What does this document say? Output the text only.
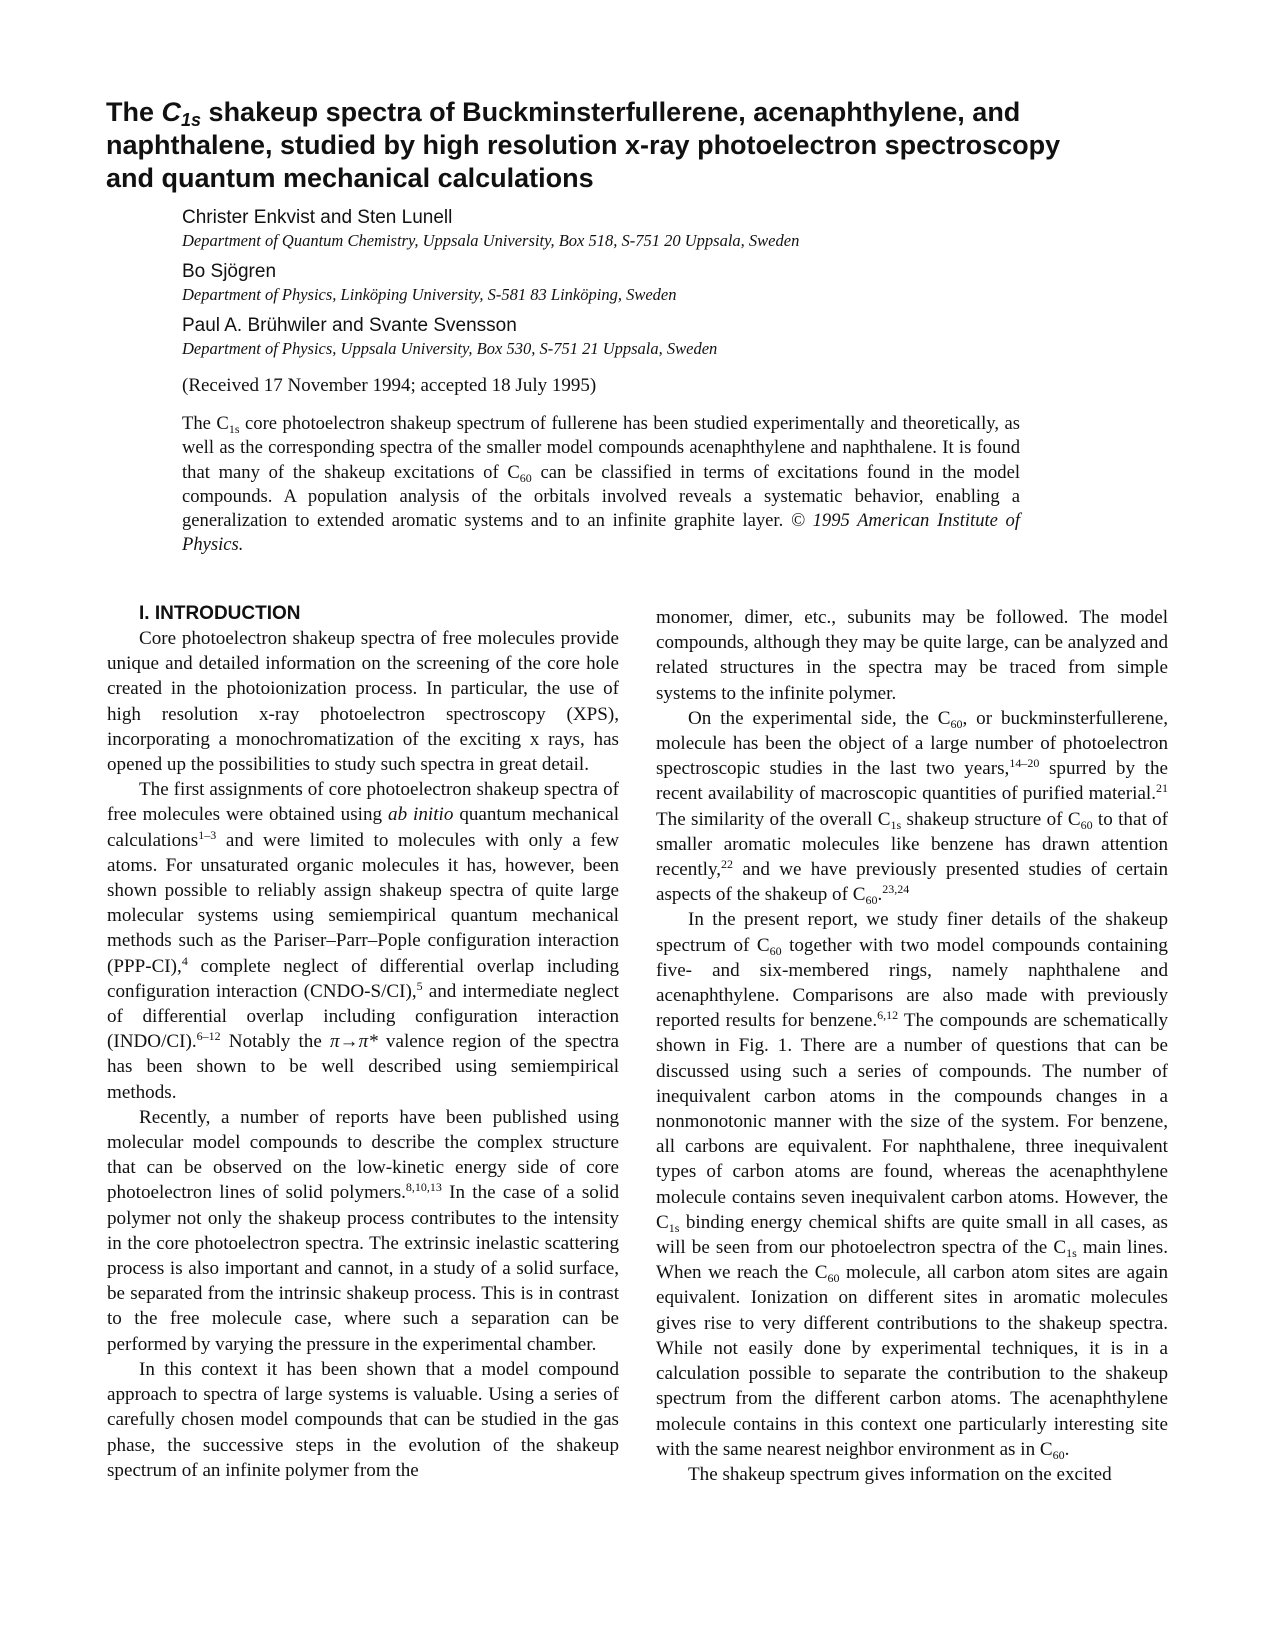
The $C_{1s}$ shakeup spectra of Buckminsterfullerene, acenaphthylene, and naphthalene, studied by high resolution x-ray photoelectron spectroscopy and quantum mechanical calculations

Christer Enkvist and Sten Lunell

Department of Quantum Chemistry, Uppsala University, Box 518, S-751 20 Uppsala, Sweden

Bo Sjögren

Department of Physics, Linköping University, S-581 83 Linköping, Sweden

Paul A. Brühwiler and Svante Svensson

Department of Physics, Uppsala University, Box 530, S-751 21 Uppsala, Sweden

(Received 17 November 1994; accepted 18 July 1995)

The $C_{1s}$ core photoelectron shakeup spectrum of fullerene has been studied experimentally and theoretically, as well as the corresponding spectra of the smaller model compounds acenaphthylene and naphthalene. It is found that many of the shakeup excitations of $C_{60}$ can be classified in terms of excitations found in the model compounds. A population analysis of the orbitals involved reveals a systematic behavior, enabling a generalization to extended aromatic systems and to an infinite graphite layer. © 1995 American Institute of Physics.

I. INTRODUCTION

Core photoelectron shakeup spectra of free molecules provide unique and detailed information on the screening of the core hole created in the photoionization process. In particular, the use of high resolution x-ray photoelectron spectroscopy (XPS), incorporating a monochromatization of the exciting x rays, has opened up the possibilities to study such spectra in great detail.

The first assignments of core photoelectron shakeup spectra of free molecules were obtained using ab initio quantum mechanical calculations$^{1-3}$ and were limited to molecules with only a few atoms. For unsaturated organic molecules it has, however, been shown possible to reliably assign shakeup spectra of quite large molecular systems using semiempirical quantum mechanical methods such as the Pariser–Parr–Pople configuration interaction (PPP-CI),$^4$ complete neglect of differential overlap including configuration interaction (CNDO-S/CI),$^5$ and intermediate neglect of differential overlap including configuration interaction (INDO/CI).$^{6-12}$ Notably the π→π* valence region of the spectra has been shown to be well described using semiempirical methods.

Recently, a number of reports have been published using molecular model compounds to describe the complex structure that can be observed on the low-kinetic energy side of core photoelectron lines of solid polymers.$^{8,10,13}$ In the case of a solid polymer not only the shakeup process contributes to the intensity in the core photoelectron spectra. The extrinsic inelastic scattering process is also important and cannot, in a study of a solid surface, be separated from the intrinsic shakeup process. This is in contrast to the free molecule case, where such a separation can be performed by varying the pressure in the experimental chamber.

In this context it has been shown that a model compound approach to spectra of large systems is valuable. Using a series of carefully chosen model compounds that can be studied in the gas phase, the successive steps in the evolution of the shakeup spectrum of an infinite polymer from the

monomer, dimer, etc., subunits may be followed. The model compounds, although they may be quite large, can be analyzed and related structures in the spectra may be traced from simple systems to the infinite polymer.

On the experimental side, the $C_{60}$, or buckminsterfullerene, molecule has been the object of a large number of photoelectron spectroscopic studies in the last two years,$^{14-20}$ spurred by the recent availability of macroscopic quantities of purified material.$^{21}$ The similarity of the overall $C_{1s}$ shakeup structure of $C_{60}$ to that of smaller aromatic molecules like benzene has drawn attention recently,$^{22}$ and we have previously presented studies of certain aspects of the shakeup of $C_{60}.^{23,24}$

In the present report, we study finer details of the shakeup spectrum of $C_{60}$ together with two model compounds containing five- and six-membered rings, namely naphthalene and acenaphthylene. Comparisons are also made with previously reported results for benzene.$^{6,12}$ The compounds are schematically shown in Fig. 1. There are a number of questions that can be discussed using such a series of compounds. The number of inequivalent carbon atoms in the compounds changes in a nonmonotonic manner with the size of the system. For benzene, all carbons are equivalent. For naphthalene, three inequivalent types of carbon atoms are found, whereas the acenaphthylene molecule contains seven inequivalent carbon atoms. However, the $C_{1s}$ binding energy chemical shifts are quite small in all cases, as will be seen from our photoelectron spectra of the $C_{1s}$ main lines. When we reach the $C_{60}$ molecule, all carbon atom sites are again equivalent. Ionization on different sites in aromatic molecules gives rise to very different contributions to the shakeup spectra. While not easily done by experimental techniques, it is in a calculation possible to separate the contribution to the shakeup spectrum from the different carbon atoms. The acenaphthylene molecule contains in this context one particularly interesting site with the same nearest neighbor environment as in $C_{60}$.

The shakeup spectrum gives information on the excited
